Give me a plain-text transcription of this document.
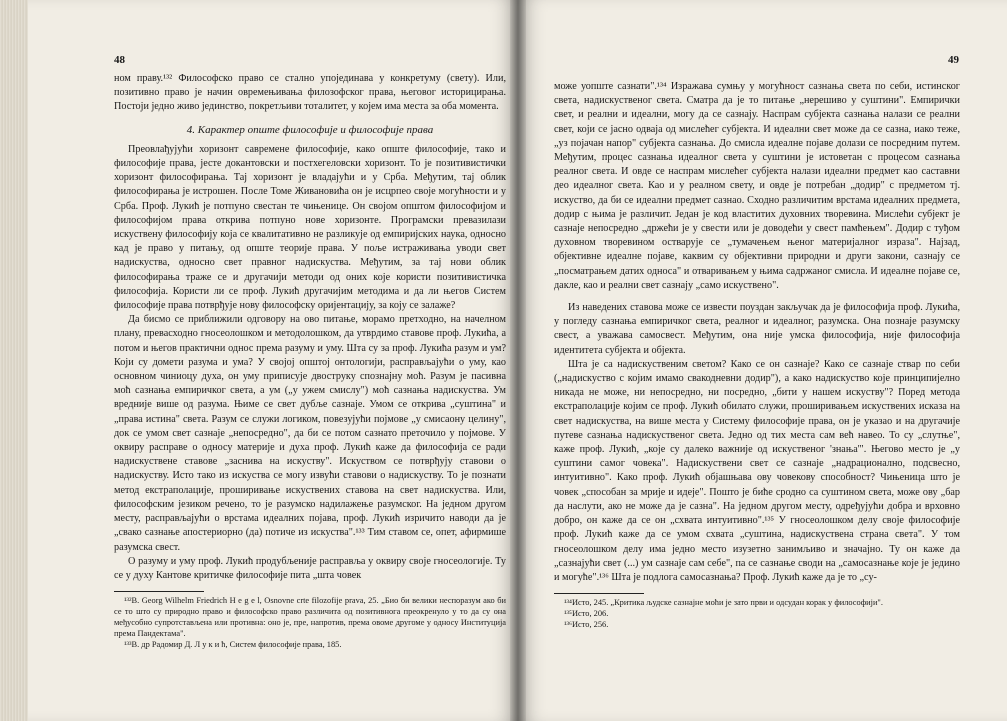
48

ном праву.¹³² Философско право се стално упојединава у конкретуму (свету). Или, позитивно право је начин овремењивања филозофског права, његовог историцирања. Постоји једно живо јединство, покретљиви тоталитет, у којем има места за оба момента.

4. Карактер опште философије и философије права

Преовлађујући хоризонт савремене философије, како опште философије, тако и философије права, јесте докантовски и постхегеловски хоризонт. То је позитивистички хоризонт философирања. Тај хоризонт је владајући и у Срба. Међутим, тај облик философирања је истрошен. После Томе Живановића он је исцрпео своје могућности и у Срба. Проф. Лукић је потпуно свестан те чињенице. Он својом општом философијом и философијом права открива потпуно нове хоризонте. Програмски превазилази искуствену философију која се квалитативно не разликује од емпиријских наука, односно кад је право у питању, од опште теорије права. У поље истраживања уводи свет надискуства, односно свет правног надискуства. Међутим, за тај нови облик философирања траже се и другачији методи од оних које користи позитивистичка философија. Користи ли се проф. Лукић другачијим методима и да ли његов Систем философије права потврђује нову философску оријентацију, за коју се залаже?

Да бисмо се приближили одговору на ово питање, морамо претходно, на начелном плану, превасходно гносеолошком и методолошком, да утврдимо ставове проф. Лукића, а потом и његов практични однос према разуму и уму. Шта су за проф. Лукића разум и ум? Који су домети разума и ума? У својој општој онтологији, расправљајући о уму, као основном чиниоцу духа, он уму приписује двоструку спознајну моћ. Разум је пасивна моћ сазнања емпиричког света, а ум („у ужем смислу") моћ сазнања надискуства. Ум вредније више од разума. Њиме се свет дубље сазнаје. Умом се открива „суштина" и „права истина" света. Разум се служи логиком, повезујући појмове „у смисаону целину", док се умом свет сазнаје „непосредно", да би се потом сазнато преточило у појмове. У оквиру расправе о односу материје и духа проф. Лукић каже да философија се ради надискуствене ставове „заснива на искуству". Искуством се потврђују ставови о надискуству. Исто тако из искуства се могу извући ставови о надискуству. То је познати метод екстраполације, проширивање искуствених ставова на свет надискуства. Или, философским језиком речено, то је разумско надилажење разумског. На једном другом месту, расправљајући о врстама идеалних појава, проф. Лукић изричито наводи да је „свако сазнање апостериорно (да) потиче из искуства".¹³³ Тим ставом се, опет, афирмише разумска свест.

О разуму и уму проф. Лукић продубљеније расправља у оквиру своје гносеологије. Ту се у духу Кантове критичке философије пита „шта човек

¹³²В. Georg Wilhelm Friedrich H e g e l, Osnovne crte filozofije prava, 25. „Био би велики неспоразум ако би се то што су природно право и философско право различита од позитивнога преокренуло у то да су она међусобно супротстављена или противна: оно је, пре, напротив, према овоме другоме у односу Институција према Пандектама".

¹³³В. др Радомир Д. Л у к и ћ, Систем философије права, 185.

49

може уопште сазнати".¹³⁴ Изражава сумњу у могућност сазнања света по себи, истинског света, надискуственог света. Сматра да је то питање „нерешиво у суштини". Емпирички свет, и реални и идеални, могу да се сазнају. Наспрам субјекта сазнања налази се реални свет, који се јасно одваја од мислећег субјекта. И идеални свет може да се сазна, иако теже, „уз појачан напор" субјекта сазнања. До смисла идеалне појаве долази се посредним путем. Међутим, процес сазнања идеалног света у суштини је истоветан с процесом сазнања реалног света. И овде се наспрам мислећег субјекта налази идеални предмет као саставни део идеалног света. Као и у реалном свету, и овде је потребан „додир" с предметом тј. искуство, да би се идеални предмет сазнао. Сходно различитим врстама идеалних предмета, додир с њима је различит. Један је код властитих духовних творевина. Мислећи субјект је сазнаје непосредно „држећи је у свести или је доводећи у свест памћењем". Додир с туђом духовном творевином остварује се „тумачењем њеног материјалног израза". Најзад, објективне идеалне појаве, каквим су објективни природни и други закони, сазнају се „посматрањем датих односа" и отваривањем у њима садржаног смисла. И идеалне појаве се, дакле, као и реални свет сазнају „само искуствено".

Из наведених ставова може се извести поуздан закључак да је философија проф. Лукића, у погледу сазнања емпиричког света, реалног и идеалног, разумска. Она познаје разумску свест, а уважава самосвест. Међутим, она није умска философија, није философија идентитета субјекта и објекта.

Шта је са надискуственим светом? Како се он сазнаје? Како се сазнаје ствар по себи („надискуство с којим имамо свакодневни додир"), а како надискуство које принципијелно никада не може, ни непосредно, ни посредно, „бити у нашем искуству"? Поред метода екстраполације којим се проф. Лукић обилато служи, проширивањем искуствених исказа на свет надискуства, на више места у Систему философије права, он је указао и на другачије путеве сазнања надискуственог света. Једно од тих места сам већ навео. То су „слутње", каже проф. Лукић, „које су далеко важније од искуственог 'знања'". Његово место је „у суштини самог човека". Надискуствени свет се сазнаје „надрационално, подсвесно, интуитивно". Како проф. Лукић објашњава ову човекову способност? Чињеница што је човек „способан за мрије и идеје". Пошто је биће сродно са суштином света, може ову „бар да наслути, ако не може да је сазна". На једном другом месту, одређујући добра и врховно добро, он каже да се он „схвата интуитивно".¹³⁵ У гносеолошком делу своје философије проф. Лукић каже да се умом схвата „суштина, надискуствена страна света". У том гносеолошком делу има једно место изузетно занимљиво и значајно. Ту он каже да „сазнајући свет (...) ум сазнаје сам себе", па се сазнање своди на „самосазнање које је једино и могуће".¹³⁶ Шта је подлога самосазнања? Проф. Лукић каже да је то „су-

¹³⁴Исто, 245. „Критика људске сазнајне моћи је зато први и одсудан корак у философији".

¹³⁵Исто, 206.

¹³⁶Исто, 256.
